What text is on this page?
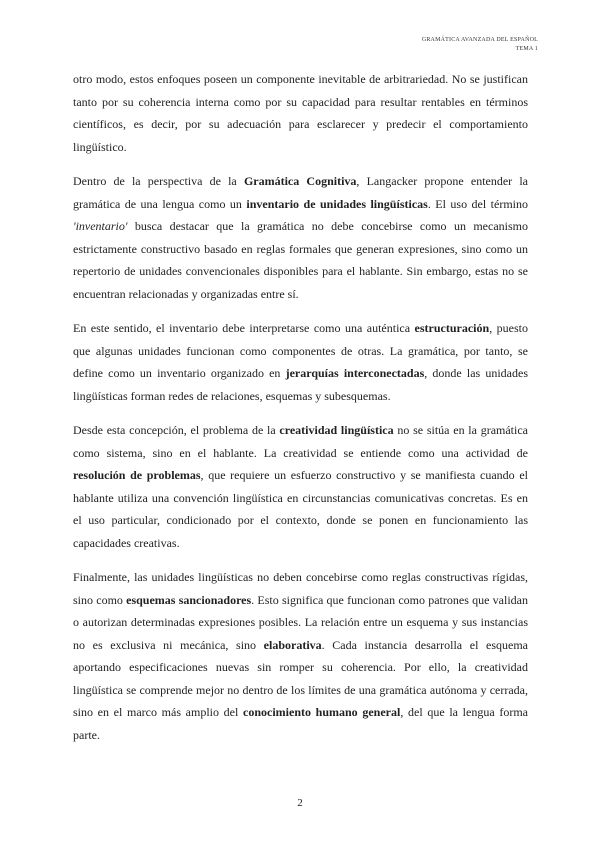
GRAMÁTICA AVANZADA DEL ESPAÑOL
TEMA 1

otro modo, estos enfoques poseen un componente inevitable de arbitrariedad. No se justifican tanto por su coherencia interna como por su capacidad para resultar rentables en términos científicos, es decir, por su adecuación para esclarecer y predecir el comportamiento lingüístico.

Dentro de la perspectiva de la Gramática Cognitiva, Langacker propone entender la gramática de una lengua como un inventario de unidades lingüísticas. El uso del término 'inventario' busca destacar que la gramática no debe concebirse como un mecanismo estrictamente constructivo basado en reglas formales que generan expresiones, sino como un repertorio de unidades convencionales disponibles para el hablante. Sin embargo, estas no se encuentran relacionadas y organizadas entre sí.

En este sentido, el inventario debe interpretarse como una auténtica estructuración, puesto que algunas unidades funcionan como componentes de otras. La gramática, por tanto, se define como un inventario organizado en jerarquías interconectadas, donde las unidades lingüísticas forman redes de relaciones, esquemas y subesquemas.

Desde esta concepción, el problema de la creatividad lingüística no se sitúa en la gramática como sistema, sino en el hablante. La creatividad se entiende como una actividad de resolución de problemas, que requiere un esfuerzo constructivo y se manifiesta cuando el hablante utiliza una convención lingüística en circunstancias comunicativas concretas. Es en el uso particular, condicionado por el contexto, donde se ponen en funcionamiento las capacidades creativas.

Finalmente, las unidades lingüísticas no deben concebirse como reglas constructivas rígidas, sino como esquemas sancionadores. Esto significa que funcionan como patrones que validan o autorizan determinadas expresiones posibles. La relación entre un esquema y sus instancias no es exclusiva ni mecánica, sino elaborativa. Cada instancia desarrolla el esquema aportando especificaciones nuevas sin romper su coherencia. Por ello, la creatividad lingüística se comprende mejor no dentro de los límites de una gramática autónoma y cerrada, sino en el marco más amplio del conocimiento humano general, del que la lengua forma parte.

2
